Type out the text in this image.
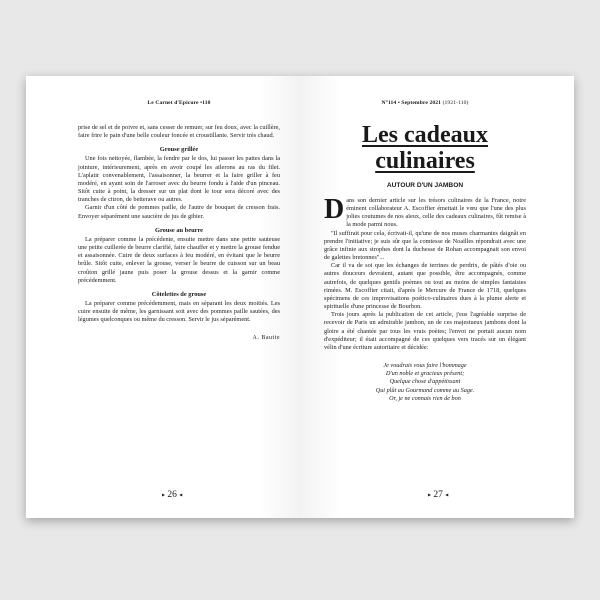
Le Carnet d'Epicure •110

prise de sel et de poivre et, sans cesser de remuer, sur feu doux, avec la cuillère, faire frire le pain d'une belle couleur foncée et croustillante. Servir très chaud.

Grouse grillée

Une fois nettoyée, flambée, la fendre par le dos, lui passer les pattes dans la jointure, intérieurement, après en avoir coupé les ailerons au ras du filet. L'aplatir convenablement, l'assaisonner, la beurrer et la faire griller à feu modéré, en ayant soin de l'arroser avec du beurre fondu à l'aide d'un pinceau. Sitôt cuite à point, la dresser sur un plat dont le tour sera décoré avec des tranches de citron, de betterave ou autres.

Garnir d'un côté de pommes paille, de l'autre de bouquet de cresson frais. Envoyer séparément une saucière de jus de gibier.

Grouse au beurre

La préparer comme la précédente, ensuite mettre dans une petite sauteuse une petite cuillerée de beurre clarifié, faire chauffer et y mettre la grouse fendue et assaisonnée. Cuire de deux surfaces à feu modéré, en évitant que le beurre brûle. Sitôt cuite, enlever la grouse, verser le beurre de cuisson sur un beau croûton grillé jaune puis poser la grouse dessus et la garnir comme précédemment.

Côtelettes de grouse

La préparer comme précédemment, mais en séparant les deux moitiés. Les cuire ensuite de même, les garnissant soit avec des pommes paille sautées, des légumes quelconques ou même du cresson. Servir le jus séparément.

A. Bautte
▸ 26 ◂
N°114 • Septembre 2021 (1921-110)
Les cadeaux
culinaires
AUTOUR D'UN JAMBON

Dans son dernier article sur les trésors culinaires de la France, notre éminent collaborateur A. Escoffier émettait le vœu que l'une des plus jolies coutumes de nos aïeux, celle des cadeaux culinaires, fût remise à la mode parmi nous.

"Il suffirait pour cela, écrivait-il, qu'une de nos muses charmantes daignât en prendre l'initiative; je suis sûr que la comtesse de Noailles répondrait avec une grâce infinie aux strophes dont la duchesse de Rohan accompagnait son envoi de galettes bretonnes"...

Car il va de soi que les échanges de terrines de perdrix, de pâtés d'oie ou autres douceurs devraient, autant que possible, être accompagnés, comme autrefois, de quelques gentils poèmes ou tout au moins de simples fantaisies rimées. M. Escoffier citait, d'après le Mercure de France de 1718, quelques spécimens de ces improvisations poético-culinaires dues à la plume alerte et spirituelle d'une princesse de Bourbon.

Trois jours après la publication de cet article, j'eus l'agréable surprise de recevoir de Paris un admirable jambon, un de ces majestueux jambons dont la gloire a été chantée par tous les vrais poètes; l'envoi ne portait aucun nom d'expéditeur; il était accompagné de ces quelques vers tracés sur un élégant vélin d'une écriture autoritaire et décidée:

Je voudrais vous faire l'hommage
D'un noble et gracieux présent;
Quelque chose d'appétissant
Qui plût au Gourmand comme au Sage.
Or, je ne connais rien de bon
▸ 27 ◂
